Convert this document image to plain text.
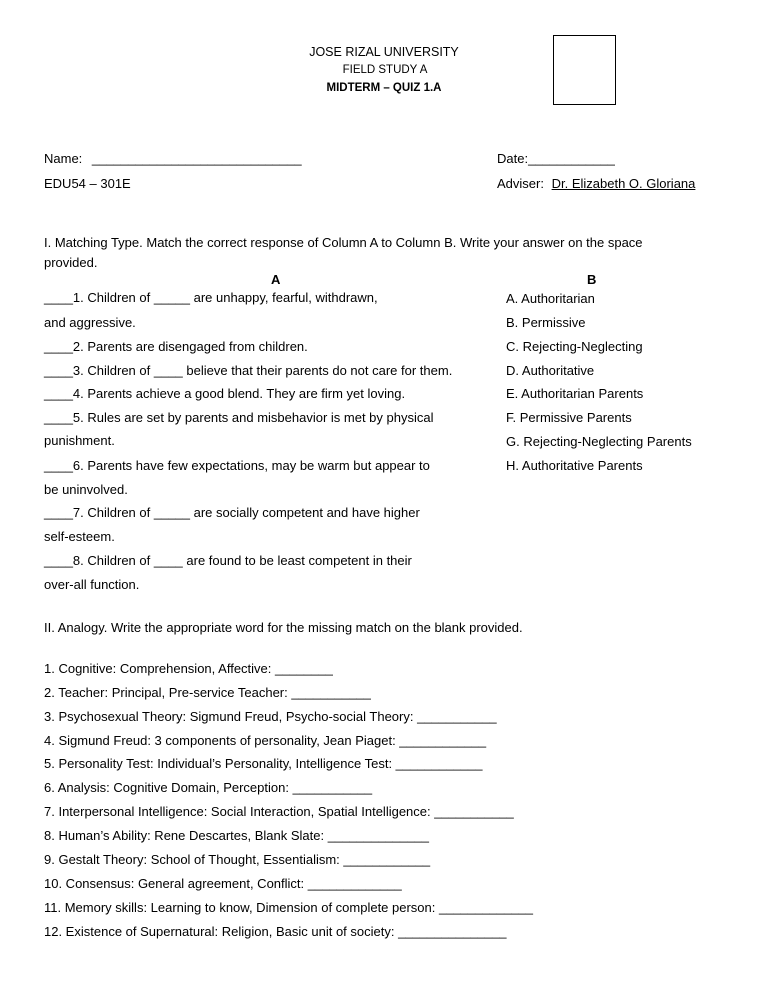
JOSE RIZAL UNIVERSITY
FIELD STUDY A
MIDTERM – QUIZ 1.A
Name: _____________________________	Date:____________
EDU54 – 301E	Adviser: Dr. Elizabeth O. Gloriana
I. Matching Type. Match the correct response of Column A to Column B. Write your answer on the space
provided.
A	B
____1. Children of _____ are unhappy, fearful, withdrawn,
and aggressive.
____2. Parents are disengaged from children.
____3. Children of ____ believe that their parents do not care for them.
____4. Parents achieve a good blend. They are firm yet loving.
____5. Rules are set by parents and misbehavior is met by physical
punishment.
____6. Parents have few expectations, may be warm but appear to
be uninvolved.
____7. Children of _____ are socially competent and have higher
self-esteem.
____8. Children of ____ are found to be least competent in their
over-all function.
A. Authoritarian
B. Permissive
C. Rejecting-Neglecting
D. Authoritative
E. Authoritarian Parents
F. Permissive Parents
G. Rejecting-Neglecting Parents
H. Authoritative Parents
II. Analogy. Write the appropriate word for the missing match on the blank provided.
1. Cognitive: Comprehension, Affective: ________
2. Teacher: Principal, Pre-service Teacher: ___________
3. Psychosexual Theory: Sigmund Freud, Psycho-social Theory: ___________
4. Sigmund Freud: 3 components of personality, Jean Piaget: ____________
5. Personality Test: Individual’s Personality, Intelligence Test: ____________
6. Analysis: Cognitive Domain, Perception: ___________
7. Interpersonal Intelligence: Social Interaction, Spatial Intelligence: ___________
8. Human’s Ability: Rene Descartes, Blank Slate: ______________
9. Gestalt Theory: School of Thought, Essentialism: ____________
10. Consensus: General agreement, Conflict: _____________
11. Memory skills: Learning to know, Dimension of complete person: _____________
12. Existence of Supernatural: Religion, Basic unit of society: _______________
